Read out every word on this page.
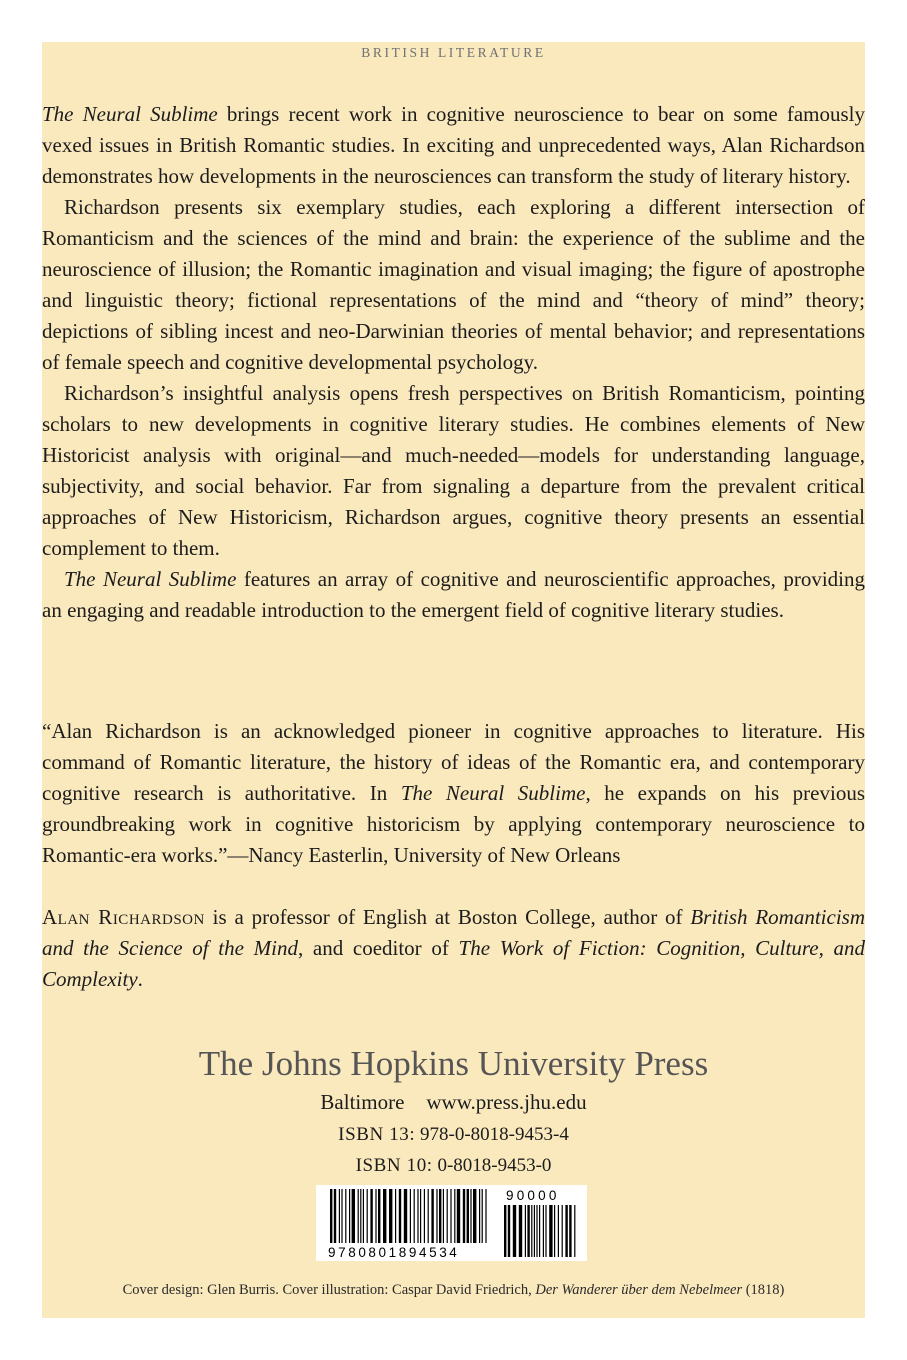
BRITISH LITERATURE

The Neural Sublime brings recent work in cognitive neuroscience to bear on some famously vexed issues in British Romantic studies. In exciting and unprecedented ways, Alan Richardson demonstrates how developments in the neurosciences can transform the study of literary history.

Richardson presents six exemplary studies, each exploring a different intersection of Romanticism and the sciences of the mind and brain: the experience of the sublime and the neuroscience of illusion; the Romantic imagination and visual imaging; the figure of apostrophe and linguistic theory; fictional representations of the mind and “theory of mind” theory; depictions of sibling incest and neo-Darwinian theories of mental behavior; and representations of female speech and cognitive developmental psychology.

Richardson’s insightful analysis opens fresh perspectives on British Romanticism, pointing scholars to new developments in cognitive literary studies. He combines elements of New Historicist analysis with original—and much-needed—models for understanding language, subjectivity, and social behavior. Far from signaling a departure from the prevalent critical approaches of New Historicism, Richardson argues, cognitive theory presents an essential complement to them.

The Neural Sublime features an array of cognitive and neuroscientific approaches, providing an engaging and readable introduction to the emergent field of cognitive literary studies.

“Alan Richardson is an acknowledged pioneer in cognitive approaches to literature. His command of Romantic literature, the history of ideas of the Romantic era, and contemporary cognitive research is authoritative. In The Neural Sublime, he expands on his previous groundbreaking work in cognitive historicism by applying contemporary neuroscience to Romantic-era works.”—Nancy Easterlin, University of New Orleans
Alan Richardson is a professor of English at Boston College, author of British Romanticism and the Science of the Mind, and coeditor of The Work of Fiction: Cognition, Culture, and Complexity.
The Johns Hopkins University Press
Baltimore www.press.jhu.edu
ISBN 13: 978-0-8018-9453-4
ISBN 10: 0-8018-9453-0
9780801894534
90000
Cover design: Glen Burris. Cover illustration: Caspar David Friedrich, Der Wanderer über dem Nebelmeer (1818)
